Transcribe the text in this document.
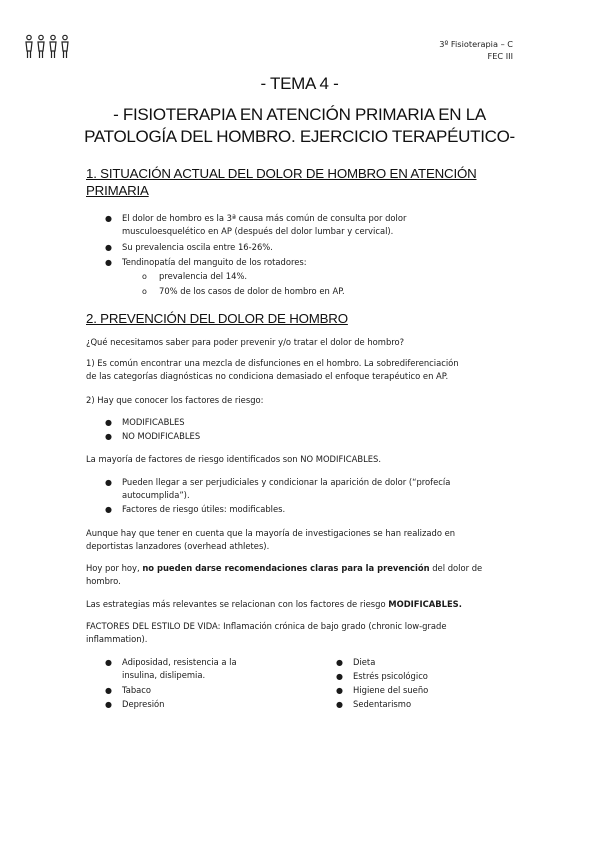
3º Fisioterapia – C
FEC III
- TEMA 4 -
- FISIOTERAPIA EN ATENCIÓN PRIMARIA EN LA
PATOLOGÍA DEL HOMBRO. EJERCICIO TERAPÉUTICO-
1. SITUACIÓN ACTUAL DEL DOLOR DE HOMBRO EN ATENCIÓN
PRIMARIA
● El dolor de hombro es la 3ª causa más común de consulta por dolor
musculoesquelético en AP (después del dolor lumbar y cervical).
● Su prevalencia oscila entre 16-26%.
● Tendinopatía del manguito de los rotadores:
o prevalencia del 14%.
o 70% de los casos de dolor de hombro en AP.
2. PREVENCIÓN DEL DOLOR DE HOMBRO
¿Qué necesitamos saber para poder prevenir y/o tratar el dolor de hombro?
1) Es común encontrar una mezcla de disfunciones en el hombro. La sobrediferenciación
de las categorías diagnósticas no condiciona demasiado el enfoque terapéutico en AP.
2) Hay que conocer los factores de riesgo:
● MODIFICABLES
● NO MODIFICABLES
La mayoría de factores de riesgo identificados son NO MODIFICABLES.
● Pueden llegar a ser perjudiciales y condicionar la aparición de dolor (“profecía
autocumplida”).
● Factores de riesgo útiles: modificables.
Aunque hay que tener en cuenta que la mayoría de investigaciones se han realizado en
deportistas lanzadores (overhead athletes).
Hoy por hoy, no pueden darse recomendaciones claras para la prevención del dolor de
hombro.
Las estrategias más relevantes se relacionan con los factores de riesgo MODIFICABLES.
FACTORES DEL ESTILO DE VIDA: Inflamación crónica de bajo grado (chronic low-grade
inflammation).
● Adiposidad, resistencia a la
insulina, dislipemia.
● Tabaco
● Depresión
● Dieta
● Estrés psicológico
● Higiene del sueño
● Sedentarismo
